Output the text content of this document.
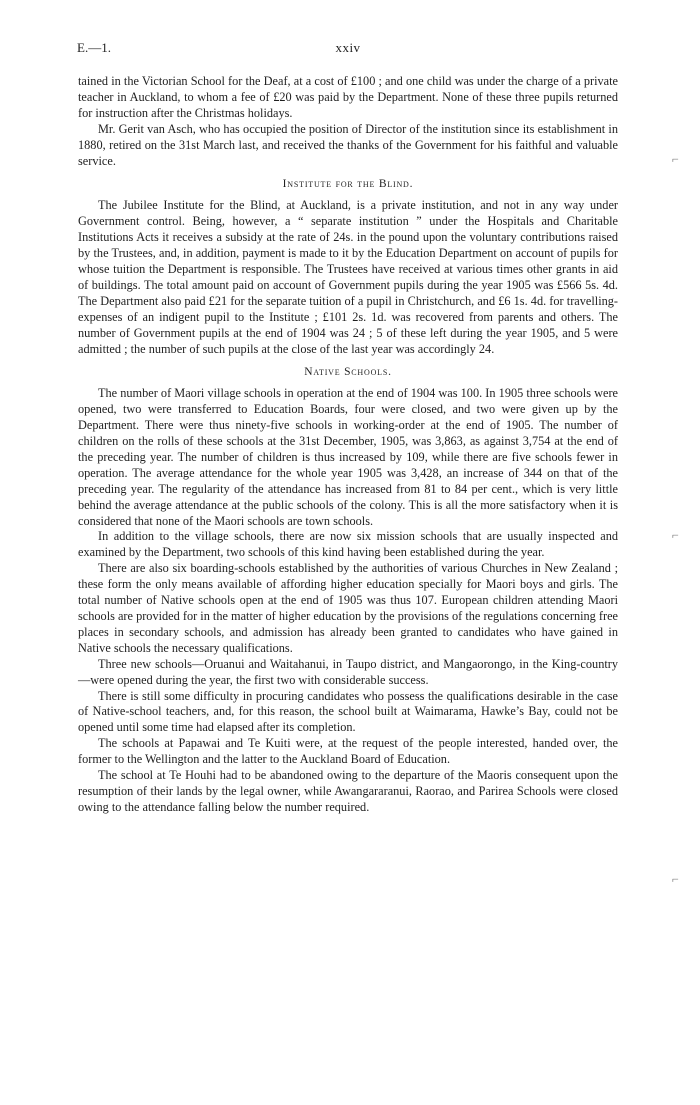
⌐
⌐
⌐
E.—1.	xxiv

tained in the Victorian School for the Deaf, at a cost of £100 ; and one child was under the charge of a private teacher in Auckland, to whom a fee of £20 was paid by the Department. None of these three pupils returned for instruction after the Christmas holidays.

Mr. Gerit van Asch, who has occupied the position of Director of the institution since its establishment in 1880, retired on the 31st March last, and received the thanks of the Government for his faithful and valuable service.

Institute for the Blind.

The Jubilee Institute for the Blind, at Auckland, is a private institution, and not in any way under Government control. Being, however, a “ separate institution ” under the Hospitals and Charitable Institutions Acts it receives a subsidy at the rate of 24s. in the pound upon the voluntary contributions raised by the Trustees, and, in addition, payment is made to it by the Education Department on account of pupils for whose tuition the Department is responsible. The Trustees have received at various times other grants in aid of buildings. The total amount paid on account of Government pupils during the year 1905 was £566 5s. 4d. The Department also paid £21 for the separate tuition of a pupil in Christchurch, and £6 1s. 4d. for travelling-expenses of an indigent pupil to the Institute ; £101 2s. 1d. was recovered from parents and others. The number of Government pupils at the end of 1904 was 24 ; 5 of these left during the year 1905, and 5 were admitted ; the number of such pupils at the close of the last year was accordingly 24.

Native Schools.

The number of Maori village schools in operation at the end of 1904 was 100. In 1905 three schools were opened, two were transferred to Education Boards, four were closed, and two were given up by the Department. There were thus ninety-five schools in working-order at the end of 1905. The number of children on the rolls of these schools at the 31st December, 1905, was 3,863, as against 3,754 at the end of the preceding year. The number of children is thus increased by 109, while there are five schools fewer in operation. The average attendance for the whole year 1905 was 3,428, an increase of 344 on that of the preceding year. The regularity of the attendance has increased from 81 to 84 per cent., which is very little behind the average attendance at the public schools of the colony. This is all the more satisfactory when it is considered that none of the Maori schools are town schools.

In addition to the village schools, there are now six mission schools that are usually inspected and examined by the Department, two schools of this kind having been established during the year.

There are also six boarding-schools established by the authorities of various Churches in New Zealand ; these form the only means available of affording higher education specially for Maori boys and girls. The total number of Native schools open at the end of 1905 was thus 107. European children attending Maori schools are provided for in the matter of higher education by the provisions of the regulations concerning free places in secondary schools, and admission has already been granted to candidates who have gained in Native schools the necessary qualifications.

Three new schools—Oruanui and Waitahanui, in Taupo district, and Mangaorongo, in the King-country—were opened during the year, the first two with considerable success.

There is still some difficulty in procuring candidates who possess the qualifications desirable in the case of Native-school teachers, and, for this reason, the school built at Waimarama, Hawke’s Bay, could not be opened until some time had elapsed after its completion.

The schools at Papawai and Te Kuiti were, at the request of the people interested, handed over, the former to the Wellington and the latter to the Auckland Board of Education.

The school at Te Houhi had to be abandoned owing to the departure of the Maoris consequent upon the resumption of their lands by the legal owner, while Awangararanui, Raorao, and Parirea Schools were closed owing to the attendance falling below the number required.
